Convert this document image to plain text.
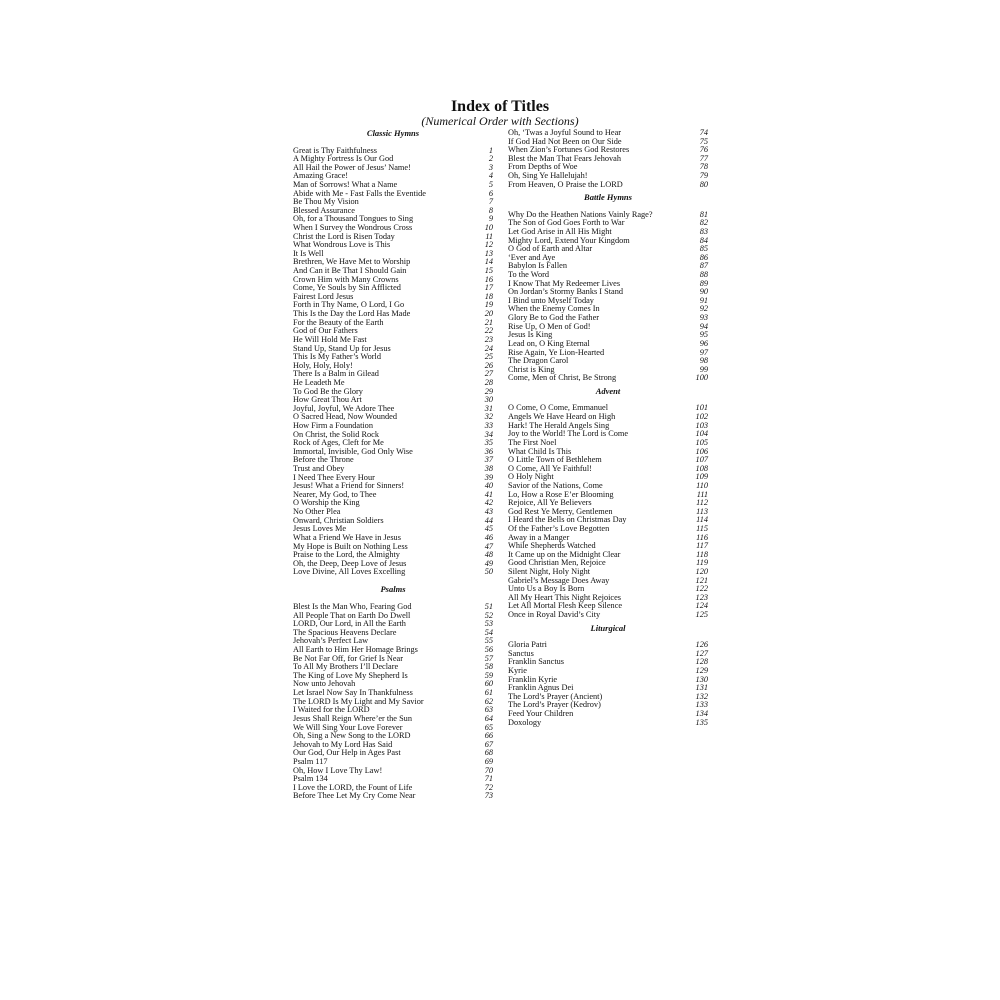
Index of Titles
(Numerical Order with Sections)
Classic Hymns
Great is Thy Faithfulness	1
A Mighty Fortress Is Our God	2
All Hail the Power of Jesus’ Name!	3
Amazing Grace!	4
Man of Sorrows! What a Name	5
Abide with Me - Fast Falls the Eventide	6
Be Thou My Vision	7
Blessed Assurance	8
Oh, for a Thousand Tongues to Sing	9
When I Survey the Wondrous Cross	10
Christ the Lord is Risen Today	11
What Wondrous Love is This	12
It Is Well	13
Brethren, We Have Met to Worship	14
And Can it Be That I Should Gain	15
Crown Him with Many Crowns	16
Come, Ye Souls by Sin Afflicted	17
Fairest Lord Jesus	18
Forth in Thy Name, O Lord, I Go	19
This Is the Day the Lord Has Made	20
For the Beauty of the Earth	21
God of Our Fathers	22
He Will Hold Me Fast	23
Stand Up, Stand Up for Jesus	24
This Is My Father’s World	25
Holy, Holy, Holy!	26
There Is a Balm in Gilead	27
He Leadeth Me	28
To God Be the Glory	29
How Great Thou Art	30
Joyful, Joyful, We Adore Thee	31
O Sacred Head, Now Wounded	32
How Firm a Foundation	33
On Christ, the Solid Rock	34
Rock of Ages, Cleft for Me	35
Immortal, Invisible, God Only Wise	36
Before the Throne	37
Trust and Obey	38
I Need Thee Every Hour	39
Jesus! What a Friend for Sinners!	40
Nearer, My God, to Thee	41
O Worship the King	42
No Other Plea	43
Onward, Christian Soldiers	44
Jesus Loves Me	45
What a Friend We Have in Jesus	46
My Hope is Built on Nothing Less	47
Praise to the Lord, the Almighty	48
Oh, the Deep, Deep Love of Jesus	49
Love Divine, All Loves Excelling	50
Psalms
Blest Is the Man Who, Fearing God	51
All People That on Earth Do Dwell	52
LORD, Our Lord, in All the Earth	53
The Spacious Heavens Declare	54
Jehovah’s Perfect Law	55
All Earth to Him Her Homage Brings	56
Be Not Far Off, for Grief Is Near	57
To All My Brothers I’ll Declare	58
The King of Love My Shepherd Is	59
Now unto Jehovah	60
Let Israel Now Say In Thankfulness	61
The LORD Is My Light and My Savior	62
I Waited for the LORD	63
Jesus Shall Reign Where’er the Sun	64
We Will Sing Your Love Forever	65
Oh, Sing a New Song to the LORD	66
Jehovah to My Lord Has Said	67
Our God, Our Help in Ages Past	68
Psalm 117	69
Oh, How I Love Thy Law!	70
Psalm 134	71
I Love the LORD, the Fount of Life	72
Before Thee Let My Cry Come Near	73
Oh, ‘Twas a Joyful Sound to Hear	74
If God Had Not Been on Our Side	75
When Zion’s Fortunes God Restores	76
Blest the Man That Fears Jehovah	77
From Depths of Woe	78
Oh, Sing Ye Hallelujah!	79
From Heaven, O Praise the LORD	80
Battle Hymns
Why Do the Heathen Nations Vainly Rage?	81
The Son of God Goes Forth to War	82
Let God Arise in All His Might	83
Mighty Lord, Extend Your Kingdom	84
O God of Earth and Altar	85
‘Ever and Aye	86
Babylon Is Fallen	87
To the Word	88
I Know That My Redeemer Lives	89
On Jordan’s Stormy Banks I Stand	90
I Bind unto Myself Today	91
When the Enemy Comes In	92
Glory Be to God the Father	93
Rise Up, O Men of God!	94
Jesus Is King	95
Lead on, O King Eternal	96
Rise Again, Ye Lion-Hearted	97
The Dragon Carol	98
Christ is King	99
Come, Men of Christ, Be Strong	100
Advent
O Come, O Come, Emmanuel	101
Angels We Have Heard on High	102
Hark! The Herald Angels Sing	103
Joy to the World! The Lord is Come	104
The First Noel	105
What Child Is This	106
O Little Town of Bethlehem	107
O Come, All Ye Faithful!	108
O Holy Night	109
Savior of the Nations, Come	110
Lo, How a Rose E’er Blooming	111
Rejoice, All Ye Believers	112
God Rest Ye Merry, Gentlemen	113
I Heard the Bells on Christmas Day	114
Of the Father’s Love Begotten	115
Away in a Manger	116
While Shepherds Watched	117
It Came up on the Midnight Clear	118
Good Christian Men, Rejoice	119
Silent Night, Holy Night	120
Gabriel’s Message Does Away	121
Unto Us a Boy Is Born	122
All My Heart This Night Rejoices	123
Let All Mortal Flesh Keep Silence	124
Once in Royal David’s City	125
Liturgical
Gloria Patri	126
Sanctus	127
Franklin Sanctus	128
Kyrie	129
Franklin Kyrie	130
Franklin Agnus Dei	131
The Lord’s Prayer (Ancient)	132
The Lord’s Prayer (Kedrov)	133
Feed Your Children	134
Doxology	135
